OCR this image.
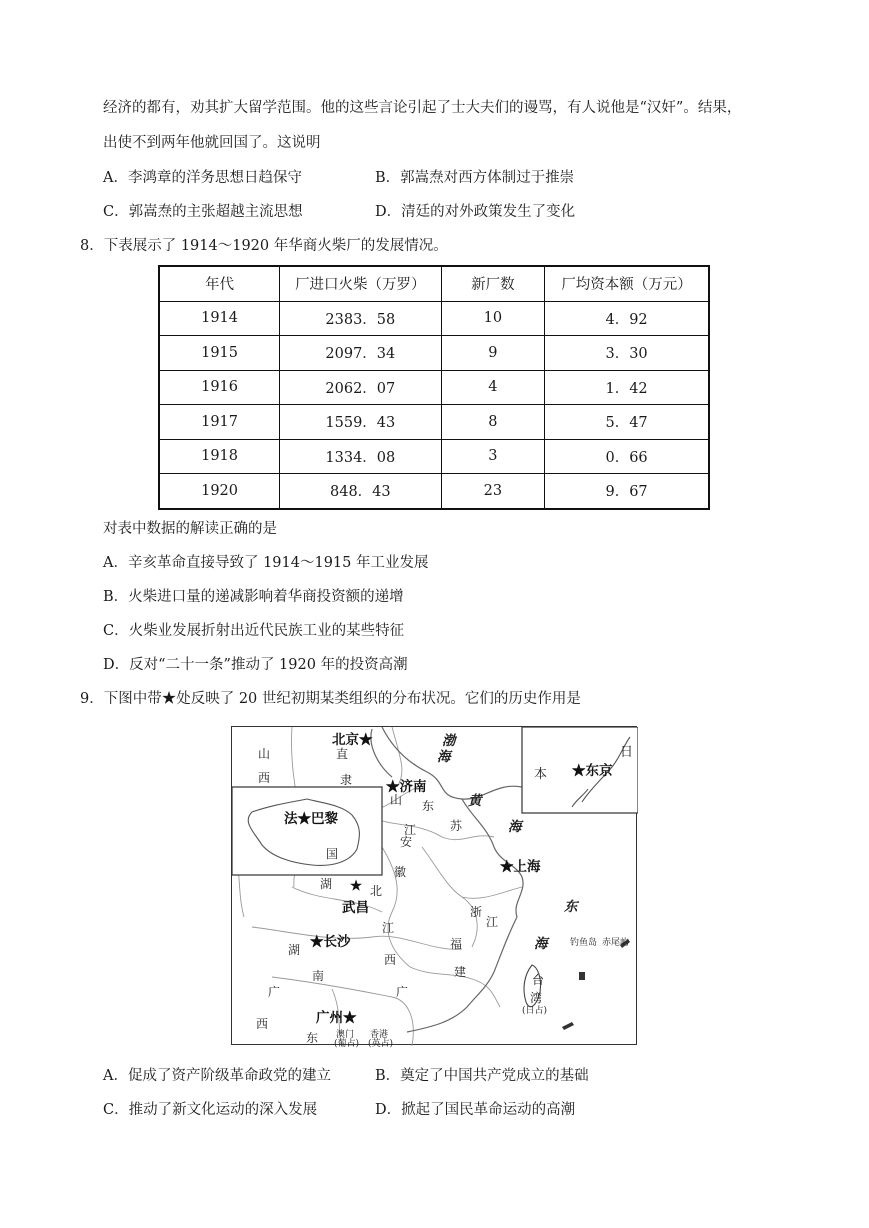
经济的都有，劝其扩大留学范围。他的这些言论引起了士大夫们的谩骂，有人说他是“汉奸”。结果，
出使不到两年他就回国了。这说明
A．李鸿章的洋务思想日趋保守	B．郭嵩焘对西方体制过于推崇
C．郭嵩焘的主张超越主流思想	D．清廷的对外政策发生了变化
8．下表展示了 1914～1920 年华商火柴厂的发展情况。
年代	厂进口火柴（万罗）	新厂数	厂均资本额（万元）
1914	2383．58	10	4．92
1915	2097．34	9	3．30
1916	2062．07	4	1．42
1917	1559．43	8	5．47
1918	1334．08	3	0．66
1920	848．43	23	9．67
对表中数据的解读正确的是
A．辛亥革命直接导致了 1914～1915 年工业发展
B．火柴进口量的递减影响着华商投资额的递增
C．火柴业发展折射出近代民族工业的某些特征
D．反对“二十一条”推动了 1920 年的投资高潮
9．下图中带★处反映了 20 世纪初期某类组织的分布状况。它们的历史作用是
北京★
★济南
法★巴黎
★东京
★上海
★
武昌
★长沙
广州★
渤
海
黄
海
东
海
山
西
直
隶
山 东
江	苏
安
徽
国
湖	北
浙
江
江
西
福
建
湖
南
广
西
广
东
日
本
台
湾
钓鱼岛 赤尾屿
澳门
(葡占)
香港
(英占)
(日占)
A．促成了资产阶级革命政党的建立	B．奠定了中国共产党成立的基础
C．推动了新文化运动的深入发展	D．掀起了国民革命运动的高潮
